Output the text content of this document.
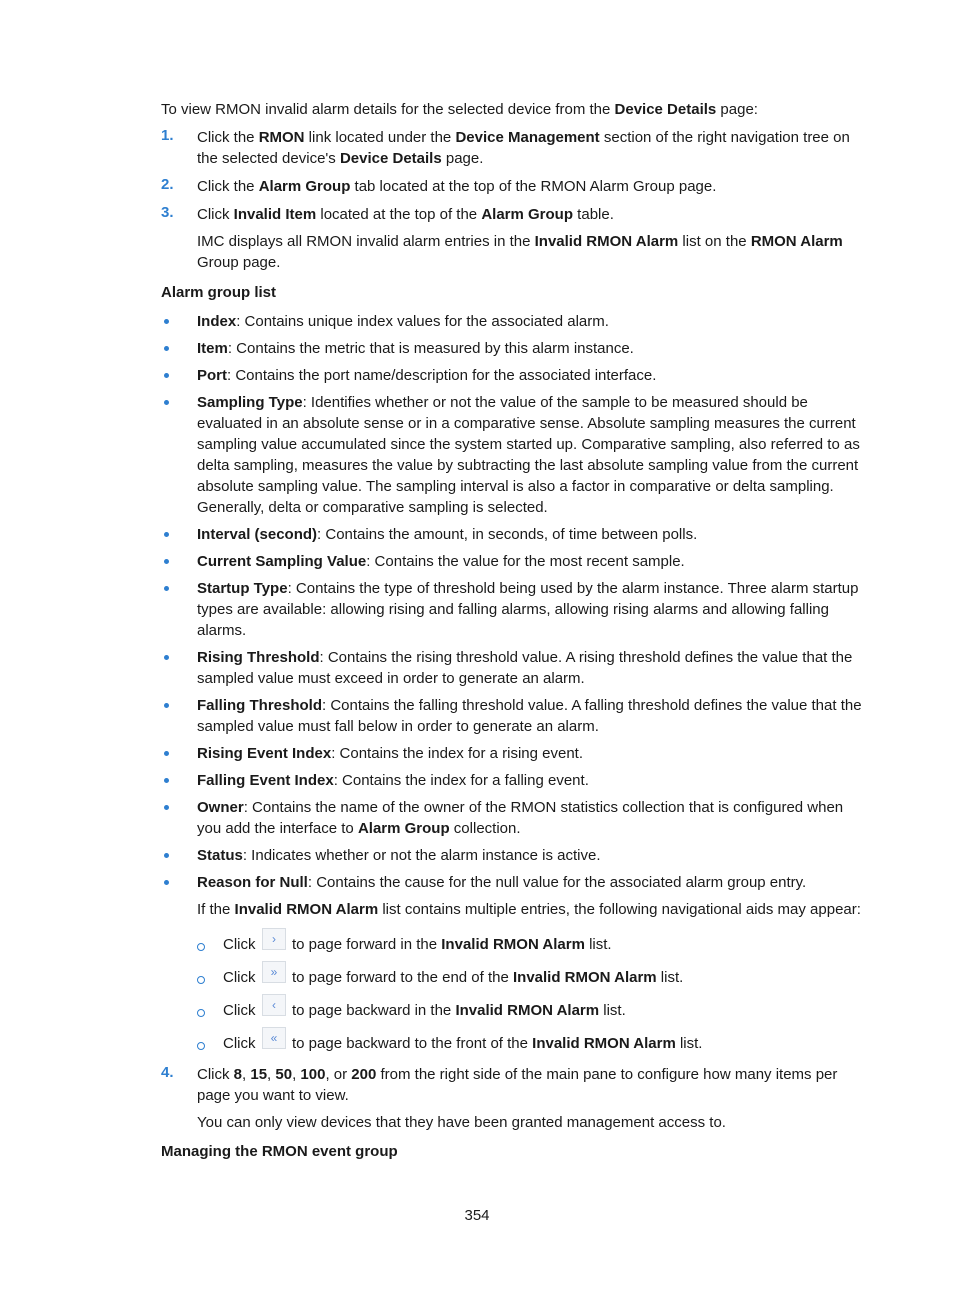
To view RMON invalid alarm details for the selected device from the Device Details page:

1. Click the RMON link located under the Device Management section of the right navigation tree on the selected device's Device Details page.

2. Click the Alarm Group tab located at the top of the RMON Alarm Group page.

3. Click Invalid Item located at the top of the Alarm Group table.

IMC displays all RMON invalid alarm entries in the Invalid RMON Alarm list on the RMON Alarm Group page.

Alarm group list

Index: Contains unique index values for the associated alarm.

Item: Contains the metric that is measured by this alarm instance.

Port: Contains the port name/description for the associated interface.

Sampling Type: Identifies whether or not the value of the sample to be measured should be evaluated in an absolute sense or in a comparative sense. Absolute sampling measures the current sampling value accumulated since the system started up. Comparative sampling, also referred to as delta sampling, measures the value by subtracting the last absolute sampling value from the current absolute sampling value. The sampling interval is also a factor in comparative or delta sampling. Generally, delta or comparative sampling is selected.

Interval (second): Contains the amount, in seconds, of time between polls.

Current Sampling Value: Contains the value for the most recent sample.

Startup Type: Contains the type of threshold being used by the alarm instance. Three alarm startup types are available: allowing rising and falling alarms, allowing rising alarms and allowing falling alarms.

Rising Threshold: Contains the rising threshold value. A rising threshold defines the value that the sampled value must exceed in order to generate an alarm.

Falling Threshold: Contains the falling threshold value. A falling threshold defines the value that the sampled value must fall below in order to generate an alarm.

Rising Event Index: Contains the index for a rising event.

Falling Event Index: Contains the index for a falling event.

Owner: Contains the name of the owner of the RMON statistics collection that is configured when you add the interface to Alarm Group collection.

Status: Indicates whether or not the alarm instance is active.

Reason for Null: Contains the cause for the null value for the associated alarm group entry.

If the Invalid RMON Alarm list contains multiple entries, the following navigational aids may appear:

Click	›	to page forward in the Invalid RMON Alarm list.
Click	» to page forward to the end of the Invalid RMON Alarm list.
Click	‹	to page backward in the Invalid RMON Alarm list.
Click	« to page backward to the front of the Invalid RMON Alarm list.
4. Click 8, 15, 50, 100, or 200 from the right side of the main pane to configure how many items per page you want to view.

You can only view devices that they have been granted management access to.

Managing the RMON event group

354
